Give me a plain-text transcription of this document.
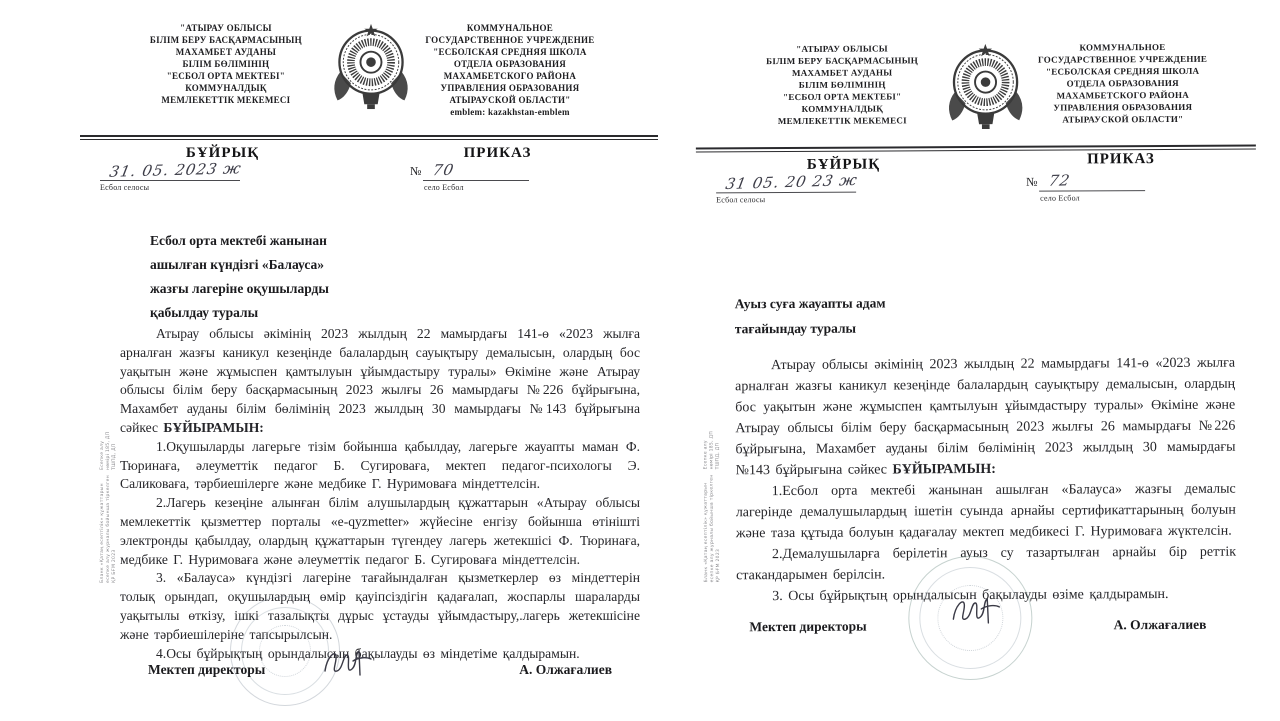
"АТЫРАУ ОБЛЫСЫ
БІЛІМ БЕРУ БАСҚАРМАСЫНЫҢ
МАХАМБЕТ АУДАНЫ
БІЛІМ БӨЛІМІНІҢ
"ЕСБОЛ ОРТА МЕКТЕБІ"
КОММУНАЛДЫҚ
МЕМЛЕКЕТТІК МЕКЕМЕСІ
КОММУНАЛЬНОЕ
ГОСУДАРСТВЕННОЕ УЧРЕЖДЕНИЕ
"ЕСБОЛСКАЯ СРЕДНЯЯ ШКОЛА
ОТДЕЛА ОБРАЗОВАНИЯ
МАХАМБЕТСКОГО РАЙОНА
УПРАВЛЕНИЯ ОБРАЗОВАНИЯ
АТЫРАУСКОЙ ОБЛАСТИ"
emblem: kazakhstan-emblem
БҰЙРЫҚ	ПРИКАЗ
31. 05. 2023 ж
Есбол селосы
№ 70
село Есбол
Есбол орта мектебі жанынан
ашылған күндізгі «Балауса»
жазғы лагеріне оқушыларды
қабылдау туралы

Атырау облысы әкімінің 2023 жылдың 22 мамырдағы 141-ө «2023 жылға арналған жазғы каникул кезеңінде балалардың сауықтыру демалысын, олардың бос уақытын және жұмыспен қамтылуын ұйымдастыру туралы» Өкіміне және Атырау облысы білім беру басқармасының 2023 жылғы 26 мамырдағы №226 бұйрығына, Махамбет ауданы білім бөлімінің 2023 жылдың 30 мамырдағы №143 бұйрығына сәйкес БҰЙЫРАМЫН:

1.Оқушыларды лагерьге тізім бойынша қабылдау, лагерьге жауапты маман Ф. Тюринаға, әлеуметтік педагог Б. Сугироваға, мектеп педагог-психологы Э. Саликоваға, тәрбиешілерге және медбике Г. Нуримоваға міндеттелсін.

2.Лагерь кезеңіне алынған білім алушылардың құжаттарын «Атырау облысы мемлекеттік қызметтер порталы «e-qyzmetter» жүйесіне енгізу бойынша өтінішті электронды қабылдау, олардың құжаттарын түгендеу лагерь жетекшісі Ф. Тюринаға, медбике Г. Нуримоваға және әлеуметтік педагог Б. Сугироваға міндеттелсін.

3. «Балауса» күндізгі лагеріне тағайындалған қызметкерлер өз міндеттерін толық орындап, оқушылардың өмір қауіпсіздігін қадағалап, жоспарлы шараларды уақытылы өткізу, ішкі тазалықты дұрыс ұстауды ұйымдастыру,.лагерь жетекшісіне және тәрбиешілеріне тапсырылсын.

4.Осы бұйрықтың орындалысын бақылауды өз міндетіме қалдырамын.

Мектеп директоры	А. Олжағалиев
Бланк «Қатаң есептілік» құжаттарын есепке алу журналы бойынша тіркелген ҚР БҒМ 2023
Есепке алу нөмірі 185, ДП ТШПД, ДП
"АТЫРАУ ОБЛЫСЫ
БІЛІМ БЕРУ БАСҚАРМАСЫНЫҢ
МАХАМБЕТ АУДАНЫ
БІЛІМ БӨЛІМІНІҢ
"ЕСБОЛ ОРТА МЕКТЕБІ"
КОММУНАЛДЫҚ
МЕМЛЕКЕТТІК МЕКЕМЕСІ
КОММУНАЛЬНОЕ
ГОСУДАРСТВЕННОЕ УЧРЕЖДЕНИЕ
"ЕСБОЛСКАЯ СРЕДНЯЯ ШКОЛА
ОТДЕЛА ОБРАЗОВАНИЯ
МАХАМБЕТСКОГО РАЙОНА
УПРАВЛЕНИЯ ОБРАЗОВАНИЯ
АТЫРАУСКОЙ ОБЛАСТИ"
БҰЙРЫҚ	ПРИКАЗ
31 05. 20 23 ж
Есбол селосы
№ 72
село Есбол
Ауыз суға жауапты адам
тағайындау туралы

Атырау облысы әкімінің 2023 жылдың 22 мамырдағы 141-ө «2023 жылға арналған жазғы каникул кезеңінде балалардың сауықтыру демалысын, олардың бос уақытын және жұмыспен қамтылуын ұйымдастыру туралы» Өкіміне және Атырау облысы білім беру басқармасының 2023 жылғы 26 мамырдағы №226 бұйрығына, Махамбет ауданы білім бөлімінің 2023 жылдың 30 мамырдағы №143 бұйрығына сәйкес БҰЙЫРАМЫН:

1.Есбол орта мектебі жанынан ашылған «Балауса» жазғы демалыс лагерінде демалушылардың ішетін суында арнайы сертификаттарының болуын және таза құтыда болуын қадағалау мектеп медбикесі Г. Нуримоваға жүктелсін.

2.Демалушыларға берілетін ауыз су тазартылған арнайы бір реттік стакандарымен берілсін.

3. Осы бұйрықтың орындалысын бақылауды өзіме қалдырамын.

Мектеп директоры	А. Олжағалиев
Бланк «Қатаң есептілік» құжаттарын есепке алу журналы бойынша тіркелген ҚР БҒМ 2023
Есепке алу нөмірі 185, ДП ТШПД, ДП
